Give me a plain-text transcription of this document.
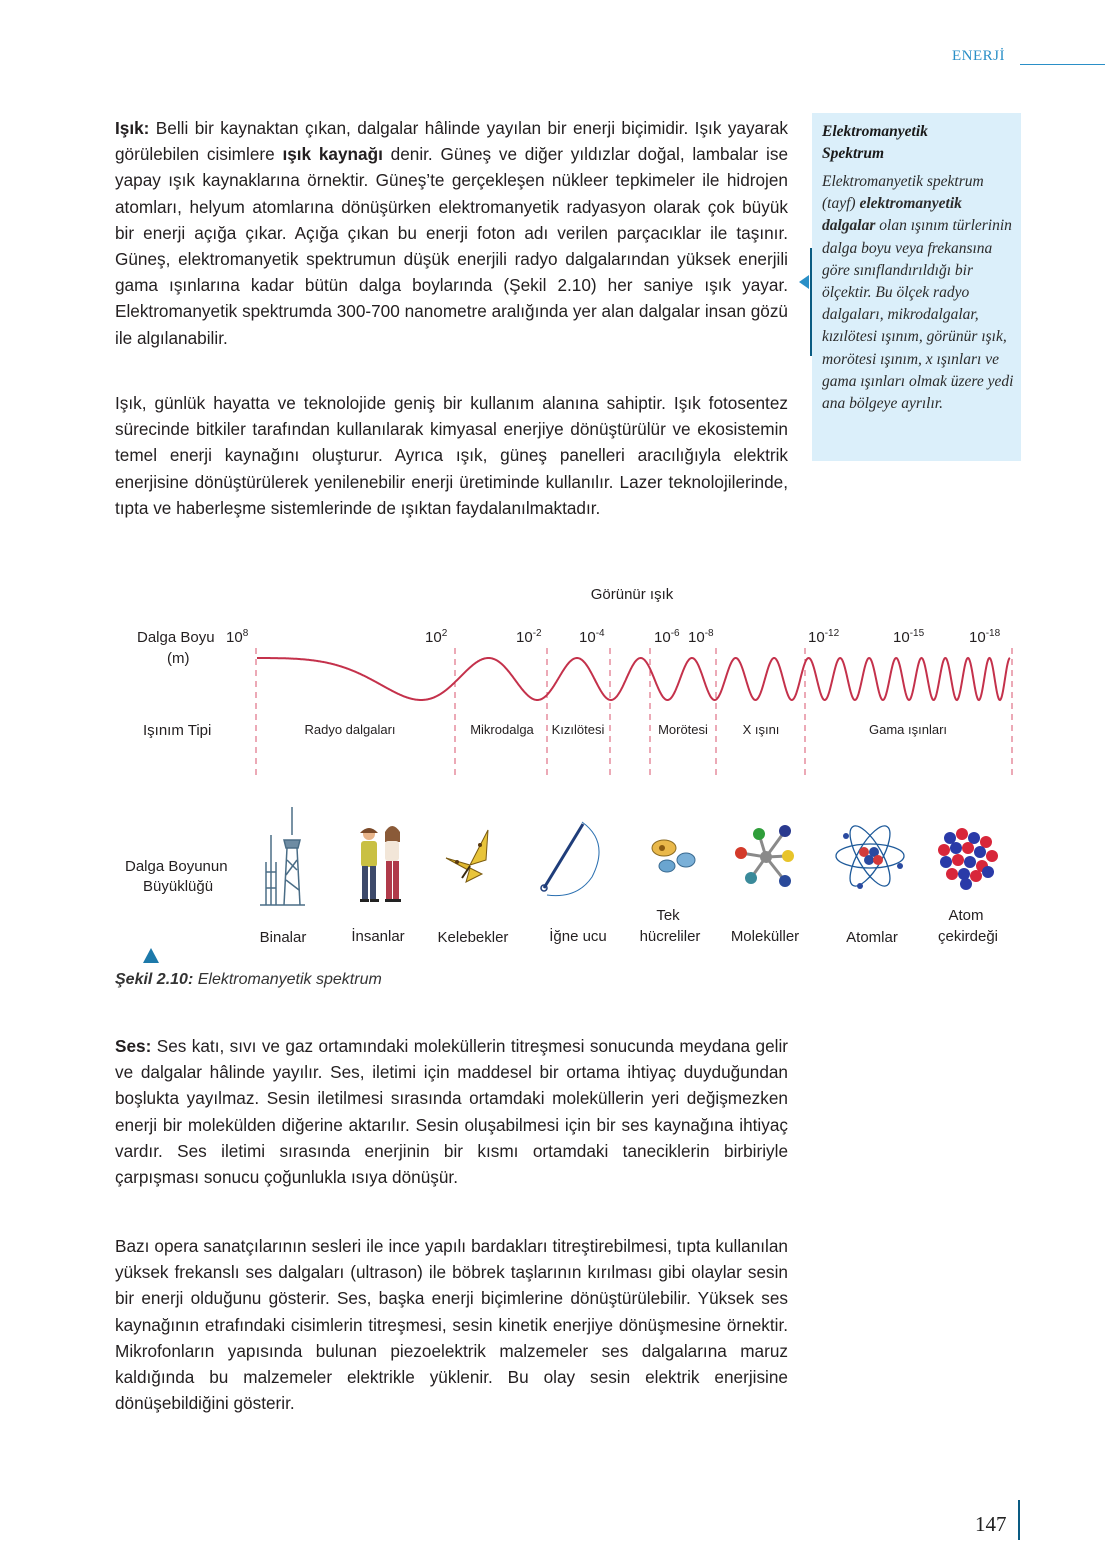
ENERJİ

Işık: Belli bir kaynaktan çıkan, dalgalar hâlinde yayılan bir enerji biçimidir. Işık yayarak görülebilen cisimlere ışık kaynağı denir. Güneş ve diğer yıldızlar doğal, lambalar ise yapay ışık kaynaklarına örnektir. Güneş’te gerçekleşen nükleer tepkimeler ile hidrojen atomları, helyum atomlarına dönüşürken elektromanyetik radyasyon olarak çok büyük bir enerji açığa çıkar. Açığa çıkan bu enerji foton adı verilen parçacıklar ile taşınır. Güneş, elektromanyetik spektrumun düşük enerjili radyo dalgalarından yüksek enerjili gama ışınlarına kadar bütün dalga boylarında (Şekil 2.10) her saniye ışık yayar. Elektromanyetik spektrumda 300-700 nanometre aralığında yer alan dalgalar insan gözü ile algılanabilir.

Işık, günlük hayatta ve teknolojide geniş bir kullanım alanına sahiptir. Işık fotosentez sürecinde bitkiler tarafından kullanılarak kimyasal enerjiye dönüştürülür ve ekosistemin temel enerji kaynağını oluşturur. Ayrıca ışık, güneş panelleri aracılığıyla elektrik enerjisine dönüştürülerek yenilenebilir enerji üretiminde kullanılır. Lazer teknolojilerinde, tıpta ve haberleşme sistemlerinde de ışıktan faydalanılmaktadır.

Elektromanyetik
Spektrum

Elektromanyetik spektrum (tayf) elektromanyetik dalgalar olan ışınım türlerinin dalga boyu veya frekansına göre sınıflandırıldığı bir ölçektir. Bu ölçek radyo dalgaları, mikrodalgalar, kızılötesi ışınım, görünür ışık, morötesi ışınım, x ışınları ve gama ışınları olmak üzere yedi ana bölgeye ayrılır.

Görünür ışık
Dalga Boyu
(m)
Işınım Tipi
Dalga Boyunun
Büyüklüğü
$10^8$	$10^2$	$10^{-2}$ $10^{-4}$	$10^{-6}$ $10^{-8}$	$10^{-12}$	$10^{-15}$	$10^{-18}$
Radyo dalgaları	Mikrodalga Kızılötesi	Morötesi	X ışını	Gama ışınları
Binalar	İnsanlar Kelebekler	İğne ucu
Tek
hücreliler Moleküller	Atomlar
Atom
çekirdeği

Şekil 2.10: Elektromanyetik spektrum

Ses: Ses katı, sıvı ve gaz ortamındaki moleküllerin titreşmesi sonucunda meydana gelir ve dalgalar hâlinde yayılır. Ses, iletimi için maddesel bir ortama ihtiyaç duyduğundan boşlukta yayılmaz. Sesin iletilmesi sırasında ortamdaki moleküllerin yeri değişmezken enerji bir molekülden diğerine aktarılır. Sesin oluşabilmesi için bir ses kaynağına ihtiyaç vardır. Ses iletimi sırasında enerjinin bir kısmı ortamdaki taneciklerin birbiriyle çarpışması sonucu çoğunlukla ısıya dönüşür.

Bazı opera sanatçılarının sesleri ile ince yapılı bardakları titreştirebilmesi, tıpta kullanılan yüksek frekanslı ses dalgaları (ultrason) ile böbrek taşlarının kırılması gibi olaylar sesin bir enerji olduğunu gösterir. Ses, başka enerji biçimlerine dönüştürülebilir. Yüksek ses kaynağının etrafındaki cisimlerin titreşmesi, sesin kinetik enerjiye dönüşmesine örnektir. Mikrofonların yapısında bulunan piezoelektrik malzemeler ses dalgalarına maruz kaldığında bu malzemeler elektrikle yüklenir. Bu olay sesin elektrik enerjisine dönüşebildiğini gösterir.

147
